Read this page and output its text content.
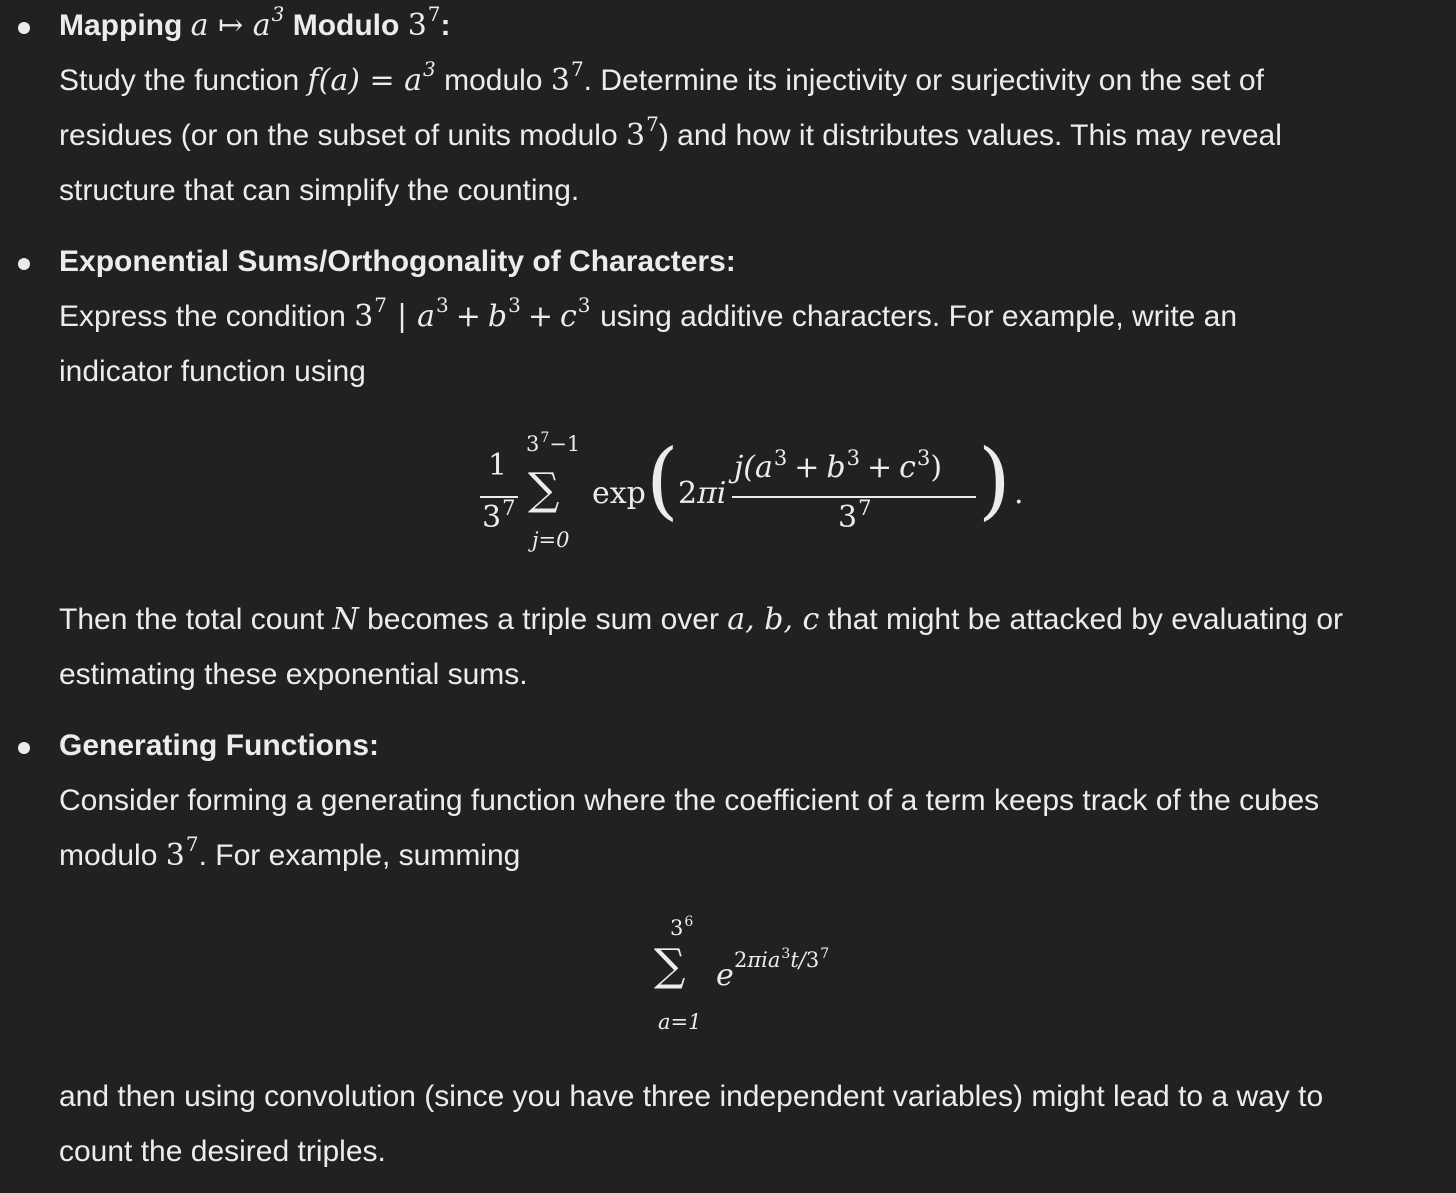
Mapping a ↦ $a^3$ Modulo $3^7$:
Study the function $f(a) = a^3$ modulo $3^7$. Determine its injectivity or surjectivity on the set of
residues (or on the subset of units modulo $3^7$) and how it distributes values. This may reveal
structure that can simplify the counting.
Exponential Sums/Orthogonality of Characters:
Express the condition $3^7$ | $a^3 + b^3 + c^3$ using additive characters. For example, write an
indicator function using
1
$3^7$
$3^7-1$
∑
j=0
exp ( 2πi
$j(a^3 + b^3 + c^3)$
$3^7$ ) .
Then the total count N becomes a triple sum over a, b, c that might be attacked by evaluating or
estimating these exponential sums.
Generating Functions:
Consider forming a generating function where the coefficient of a term keeps track of the cubes
modulo $3^7$. For example, summing
$3^6$
∑
a=1
e $2\pi ia^3t/3^7$
and then using convolution (since you have three independent variables) might lead to a way to
count the desired triples.
